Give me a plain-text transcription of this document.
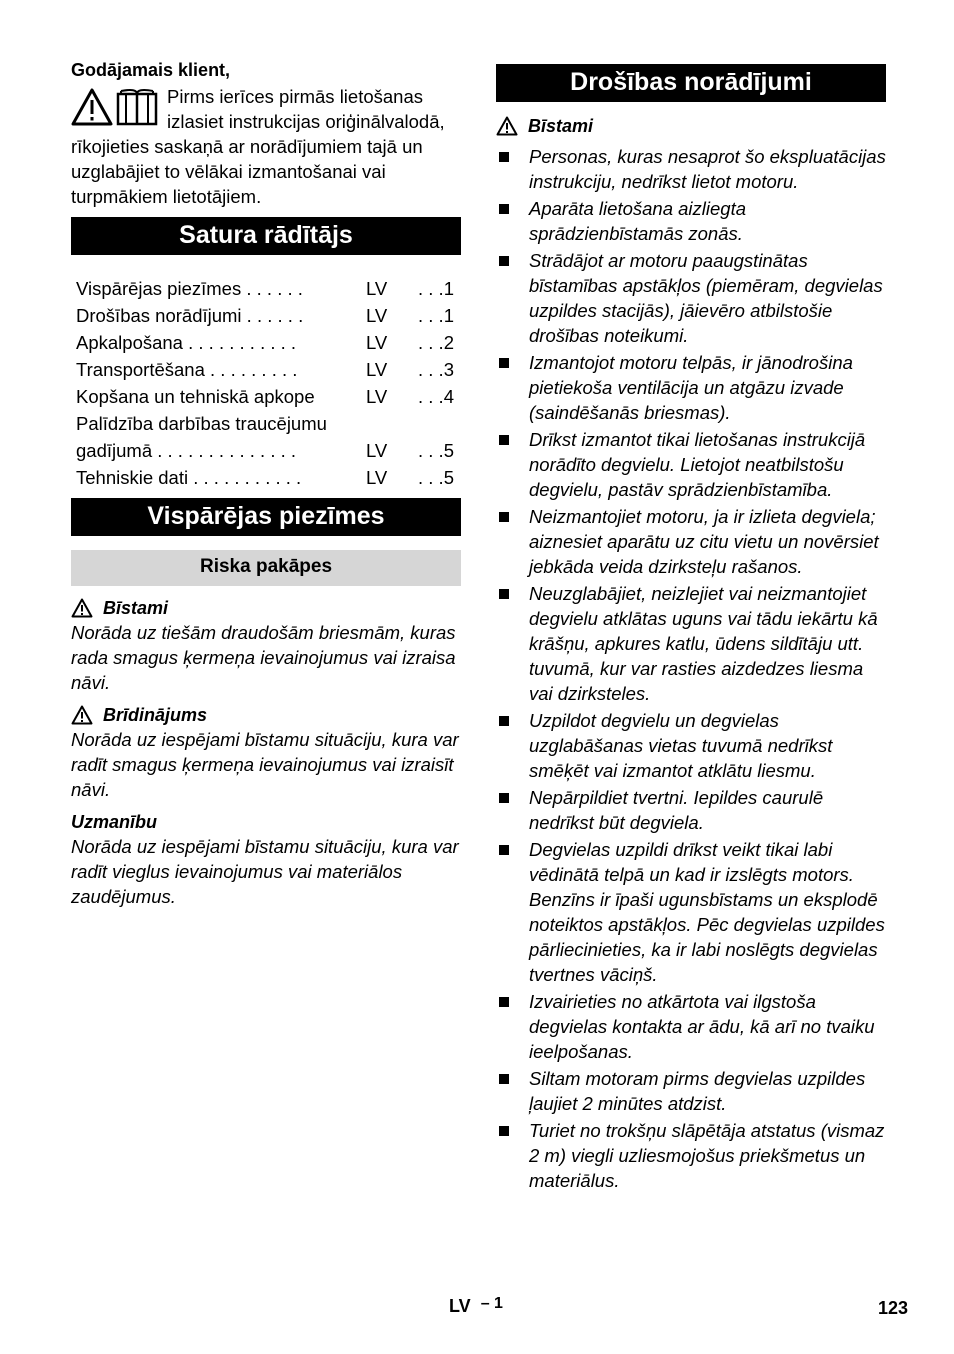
Godājamais klient,

Pirms ierīces pirmās lietošanas izlasiet instrukcijas oriģinālvalodā, rīkojieties saskaņā ar norādījumiem tajā un uzglabājiet to vēlākai izmantošanai vai turpmākiem lietotājiem.

Satura rādītājs
Vispārējas piezīmes . . . . . .	LV	. . .1
Drošības norādījumi . . . . . .	LV	. . .1
Apkalpošana . . . . . . . . . . .	LV	. . .2
Transportēšana . . . . . . . . .	LV	. . .3
Kopšana un tehniskā apkope	LV	. . .4
Palīdzība darbības traucējumu gadījumā . . . . . . . . . . . . . .	LV	. . .5
Tehniskie dati . . . . . . . . . . .	LV	. . .5
Vispārējas piezīmes
Riska pakāpes
Bīstami

Norāda uz tiešām draudošām briesmām, kuras rada smagus ķermeņa ievainojumus vai izraisa nāvi.

Brīdinājums

Norāda uz iespējami bīstamu situāciju, kura var radīt smagus ķermeņa ievainojumus vai izraisīt nāvi.

Uzmanību

Norāda uz iespējami bīstamu situāciju, kura var radīt vieglus ievainojumus vai materiālos zaudējumus.

Drošības norādījumi
Bīstami
Personas, kuras nesaprot šo ekspluatācijas instrukciju, nedrīkst lietot motoru.
Aparāta lietošana aizliegta sprādzienbīstamās zonās.
Strādājot ar motoru paaugstinātas bīstamības apstākļos (piemēram, degvielas uzpildes stacijās), jāievēro atbilstošie drošības noteikumi.
Izmantojot motoru telpās, ir jānodrošina pietiekoša ventilācija un atgāzu izvade (saindēšanās briesmas).
Drīkst izmantot tikai lietošanas instrukcijā norādīto degvielu. Lietojot neatbilstošu degvielu, pastāv sprādzienbīstamība.
Neizmantojiet motoru, ja ir izlieta degviela; aiznesiet aparātu uz citu vietu un novērsiet jebkāda veida dzirksteļu rašanos.
Neuzglabājiet, neizlejiet vai neizmantojiet degvielu atklātas uguns vai tādu iekārtu kā krāšņu, apkures katlu, ūdens sildītāju utt. tuvumā, kur var rasties aizdedzes liesma vai dzirksteles.
Uzpildot degvielu un degvielas uzglabāšanas vietas tuvumā nedrīkst smēķēt vai izmantot atklātu liesmu.
Nepārpildiet tvertni. Iepildes caurulē nedrīkst būt degviela.
Degvielas uzpildi drīkst veikt tikai labi vēdinātā telpā un kad ir izslēgts motors. Benzīns ir īpaši ugunsbīstams un eksplodē noteiktos apstākļos. Pēc degvielas uzpildes pārliecinieties, ka ir labi noslēgts degvielas tvertnes vāciņš.
Izvairieties no atkārtota vai ilgstoša degvielas kontakta ar ādu, kā arī no tvaiku ieelpošanas.
Siltam motoram pirms degvielas uzpildes ļaujiet 2 minūtes atdzist.
Turiet no trokšņu slāpētāja atstatus (vismaz 2 m) viegli uzliesmojošus priekšmetus un materiālus.
LV – 1	123
